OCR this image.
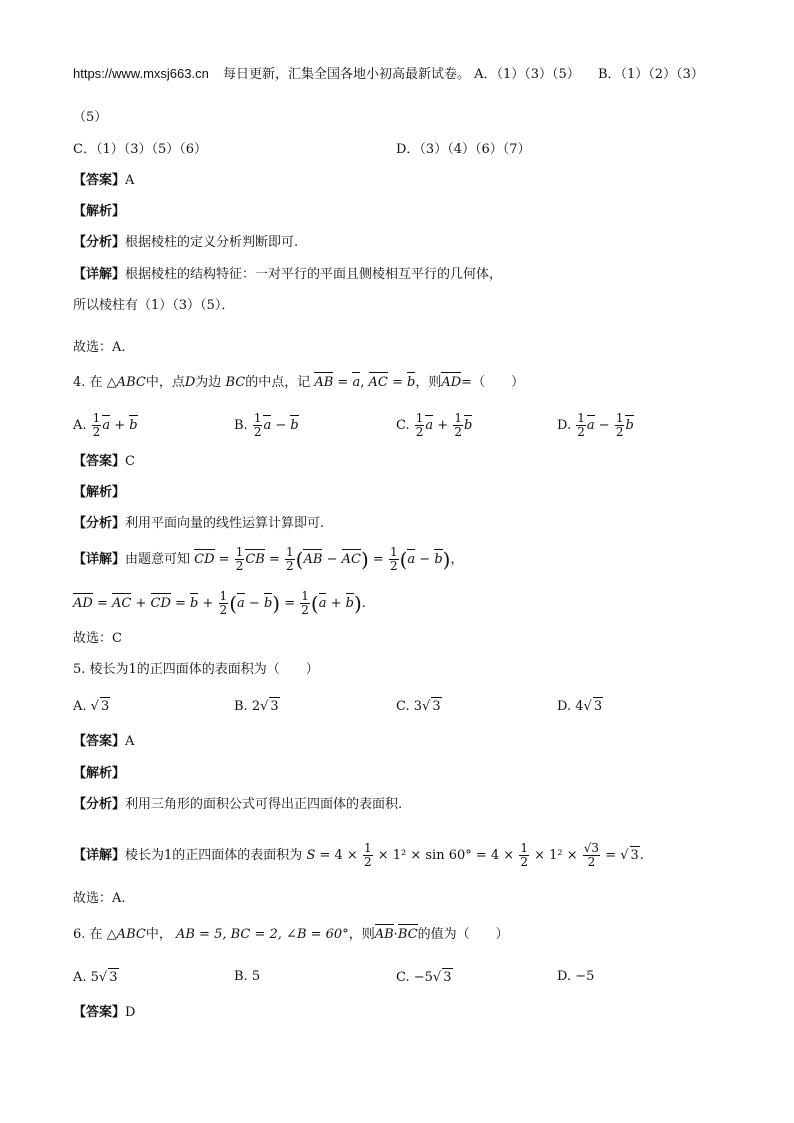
https://www.mxsj663.cn 每日更新，汇集全国各地小初高最新试卷。 A．（1）（3）（5） B．（1）（2）（3）
（5）
C．（1）（3）（5）（6）	D．（3）（4）（6）（7）
【答案】A
【解析】
【分析】根据棱柱的定义分析判断即可.
【详解】根据棱柱的结构特征：一对平行的平面且侧棱相互平行的几何体，
所以棱柱有（1）（3）（5）．
故选：A.
4. 在 △ABC中，点D为边 BC的中点，记 AB = a, AC = b，则AD=（　　）
A. $\frac{1}{2}$ a + b	B. $\frac{1}{2}$ a − b	C. $\frac{1}{2}$ $a + \frac{1}{2}$ b	D. $\frac{1}{2}$ $a - \frac{1}{2}$ b
【答案】C
【解析】
【分析】利用平面向量的线性运算计算即可.
【详解】由题意可知 CD = $\frac{1}{2}$ CB = $\frac{1}{2} (AB - AC) = \frac{1}{2} (a - b)$，
AD = AC + CD = $b + \frac{1}{2} (a - b) = \frac{1}{2} (a + b)$.
故选：C
5. 棱长为1的正四面体的表面积为（　　）
A. √ 3	B. 2√ 3	C. 3√ 3	D. 4√ 3
【答案】A
【解析】
【分析】利用三角形的面积公式可得出正四面体的表面积.
【详解】棱长为1的正四面体的表面积为 $S = 4 \times \frac{1}{2} \times 1^2 \times \sin 60^\circ = 4 \times \frac{1}{2} \times 1^2 \times \frac{√3}{2}$ = √ 3.
故选：A.
6. 在 △ABC中， AB = 5, BC = 2, ∠B = 60°，则AB·BC的值为（　　）
A. 5√ 3	B. 5	C. −5√ 3	D. −5
【答案】D
